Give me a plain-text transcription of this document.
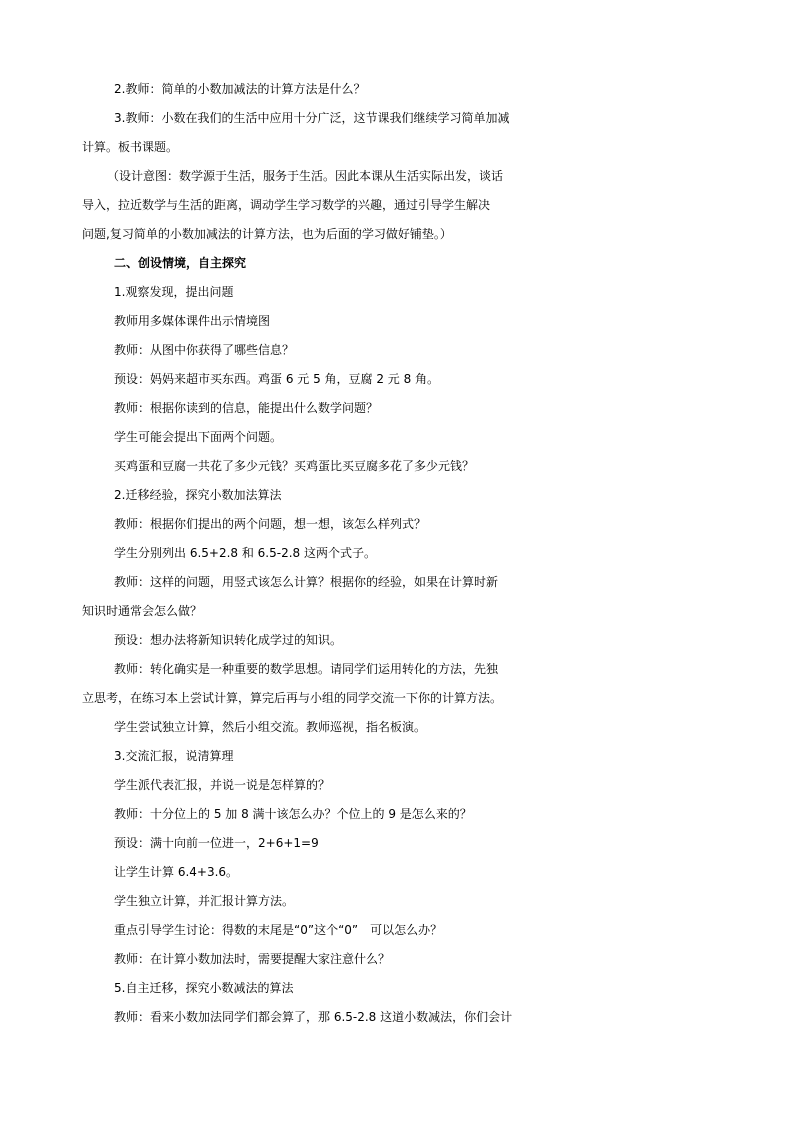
2.教师：简单的小数加减法的计算方法是什么？
3.教师：小数在我们的生活中应用十分广泛，这节课我们继续学习简单加减
计算。板书课题。
（设计意图：数学源于生活，服务于生活。因此本课从生活实际出发，谈话
导入，拉近数学与生活的距离，调动学生学习数学的兴趣，通过引导学生解决
问题,复习简单的小数加减法的计算方法，也为后面的学习做好铺垫。）
二、创设情境，自主探究
1.观察发现，提出问题
教师用多媒体课件出示情境图
教师：从图中你获得了哪些信息？
预设：妈妈来超市买东西。鸡蛋 6 元 5 角，豆腐 2 元 8 角。
教师：根据你读到的信息，能提出什么数学问题？
学生可能会提出下面两个问题。
买鸡蛋和豆腐一共花了多少元钱？买鸡蛋比买豆腐多花了多少元钱？
2.迁移经验，探究小数加法算法
教师：根据你们提出的两个问题，想一想，该怎么样列式？
学生分别列出 6.5+2.8 和 6.5-2.8 这两个式子。
教师：这样的问题，用竖式该怎么计算？根据你的经验，如果在计算时新
知识时通常会怎么做？
预设：想办法将新知识转化成学过的知识。
教师：转化确实是一种重要的数学思想。请同学们运用转化的方法，先独
立思考，在练习本上尝试计算，算完后再与小组的同学交流一下你的计算方法。
学生尝试独立计算，然后小组交流。教师巡视，指名板演。
3.交流汇报，说清算理
学生派代表汇报，并说一说是怎样算的？
教师：十分位上的 5 加 8 满十该怎么办？个位上的 9 是怎么来的？
预设：满十向前一位进一，2+6+1=9
让学生计算 6.4+3.6。
学生独立计算，并汇报计算方法。
重点引导学生讨论：得数的末尾是“0”这个“0”　可以怎么办？
教师：在计算小数加法时，需要提醒大家注意什么？
5.自主迁移，探究小数减法的算法
教师：看来小数加法同学们都会算了，那 6.5-2.8 这道小数减法，你们会计
